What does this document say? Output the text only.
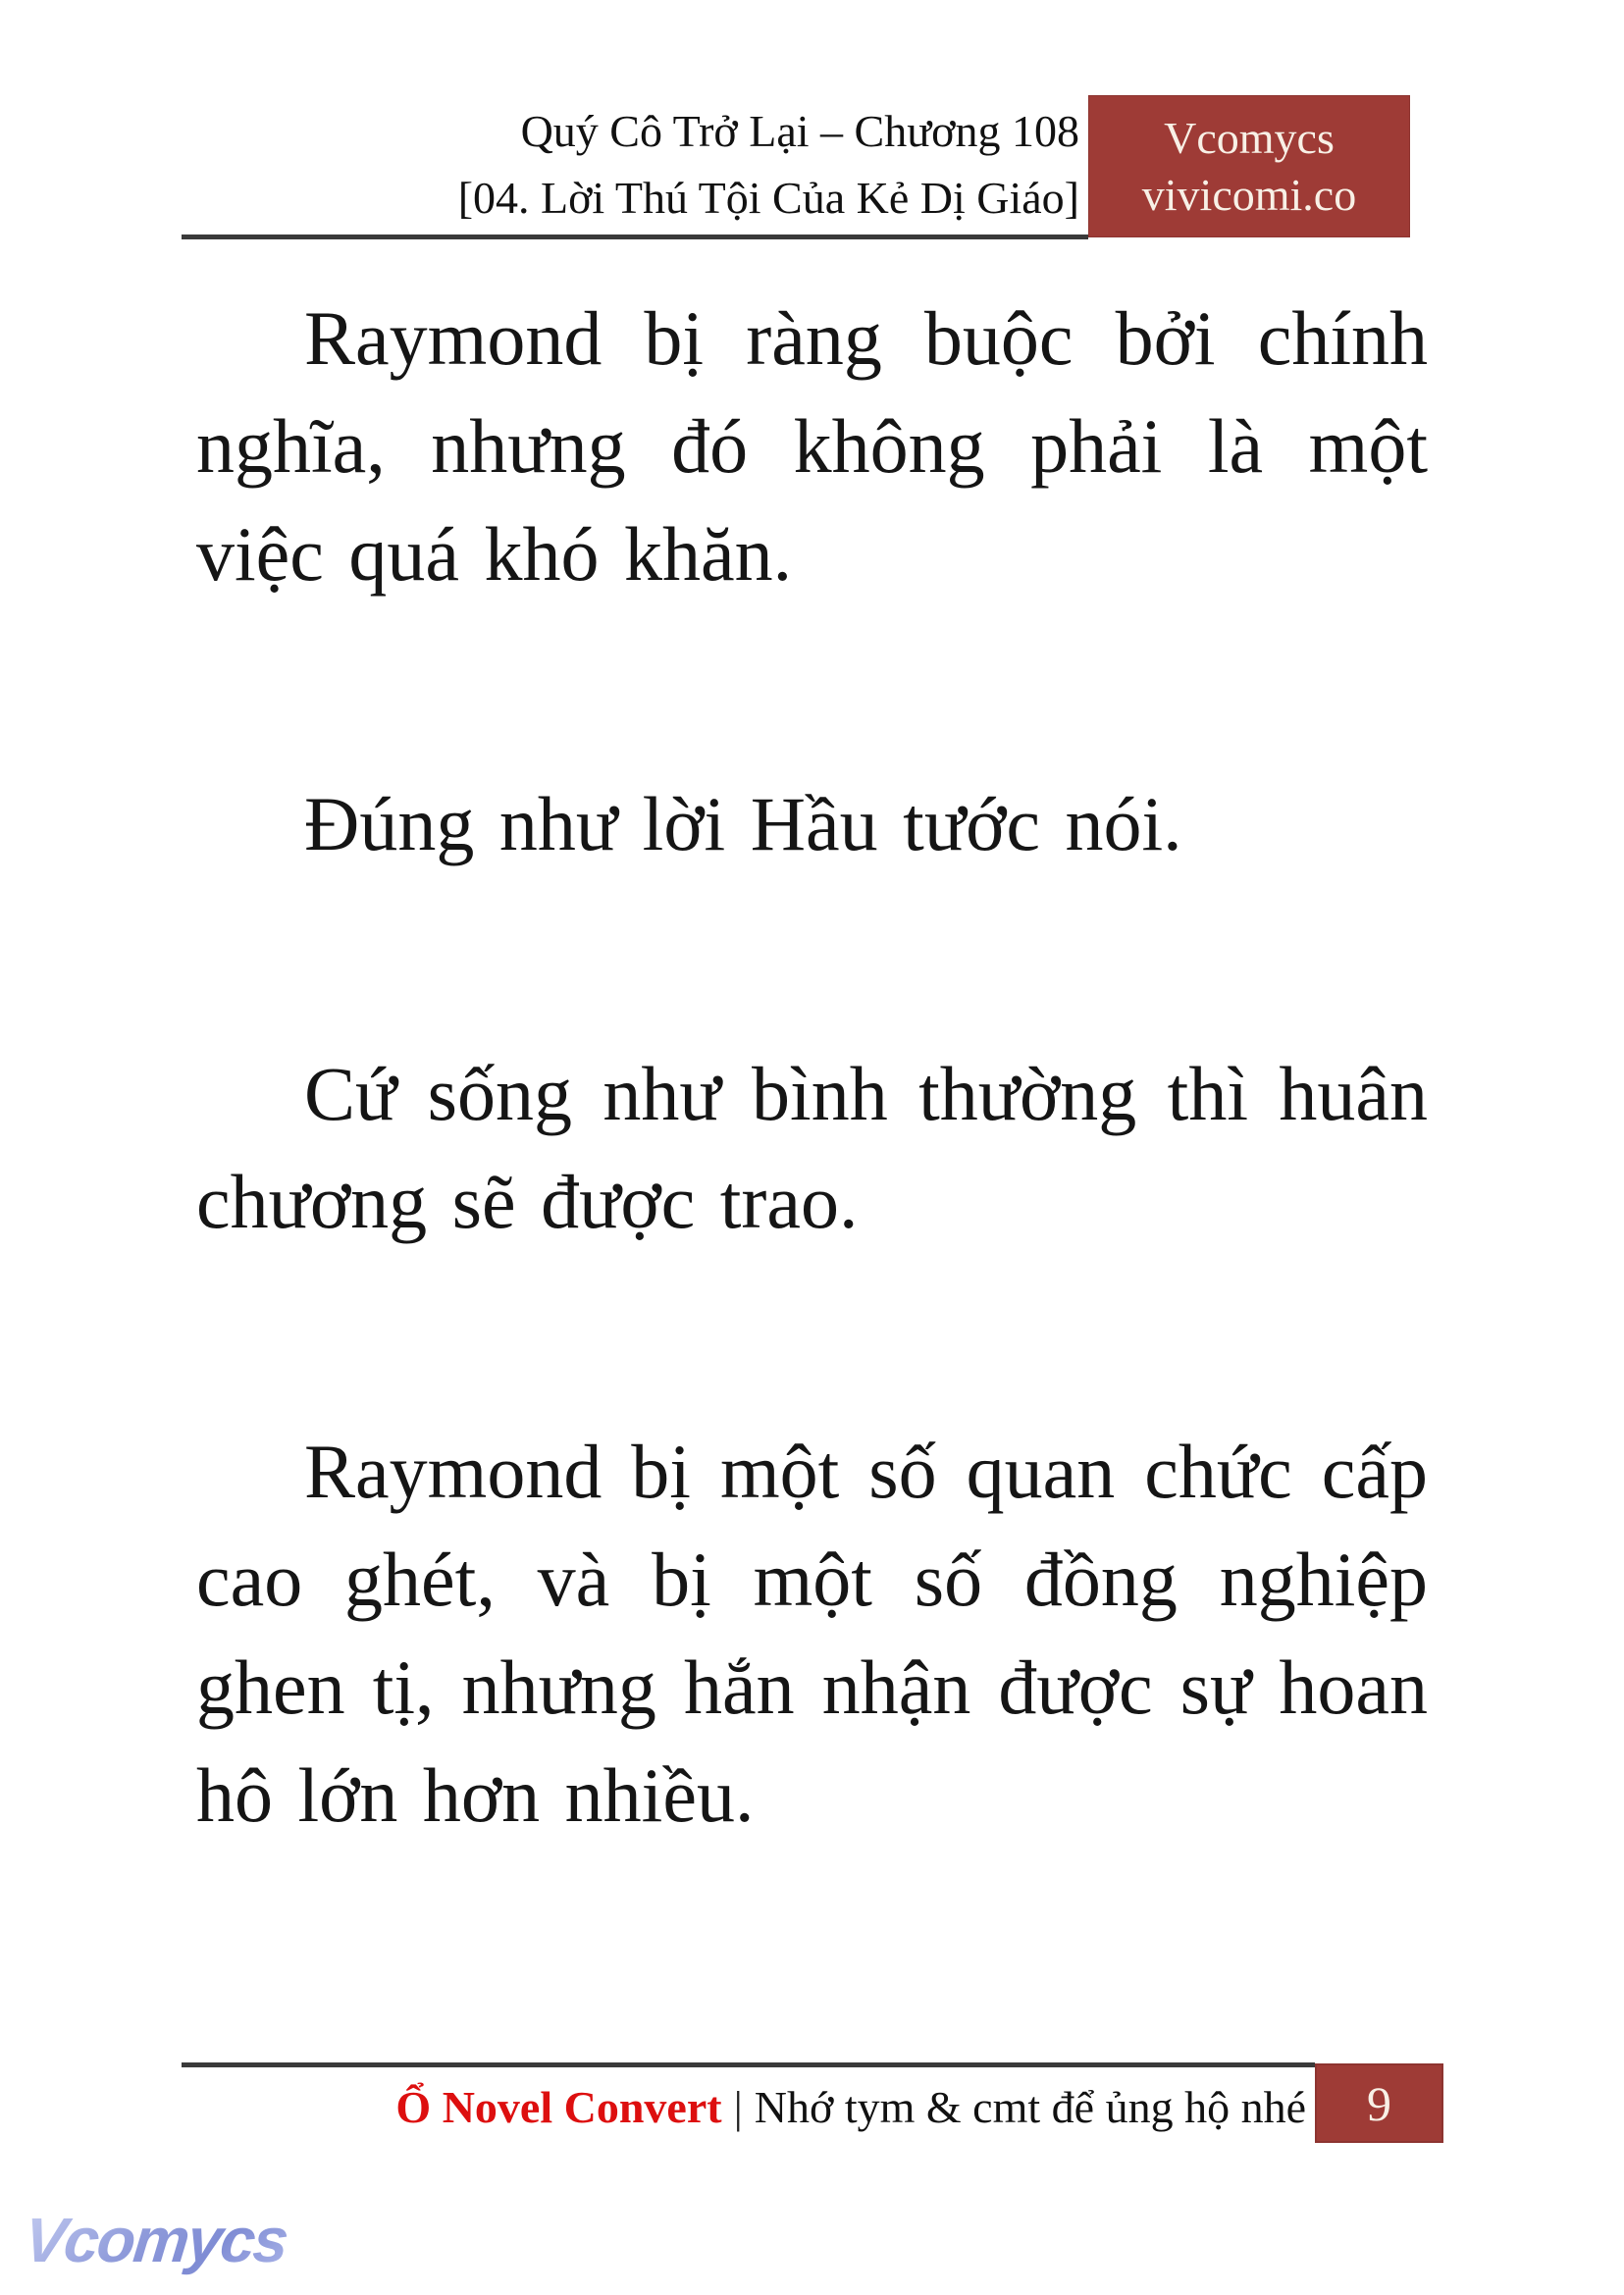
Quý Cô Trở Lại – Chương 108
[04. Lời Thú Tội Của Kẻ Dị Giáo]
Vcomycs
vivicomi.co

Raymond bị ràng buộc bởi chính nghĩa, nhưng đó không phải là một việc quá khó khăn.

Đúng như lời Hầu tước nói.

Cứ sống như bình thường thì huân chương sẽ được trao.

Raymond bị một số quan chức cấp cao ghét, và bị một số đồng nghiệp ghen tị, nhưng hắn nhận được sự hoan hô lớn hơn nhiều.

Ổ Novel Convert | Nhớ tym & cmt để ủng hộ nhé 9
Vcomycs
